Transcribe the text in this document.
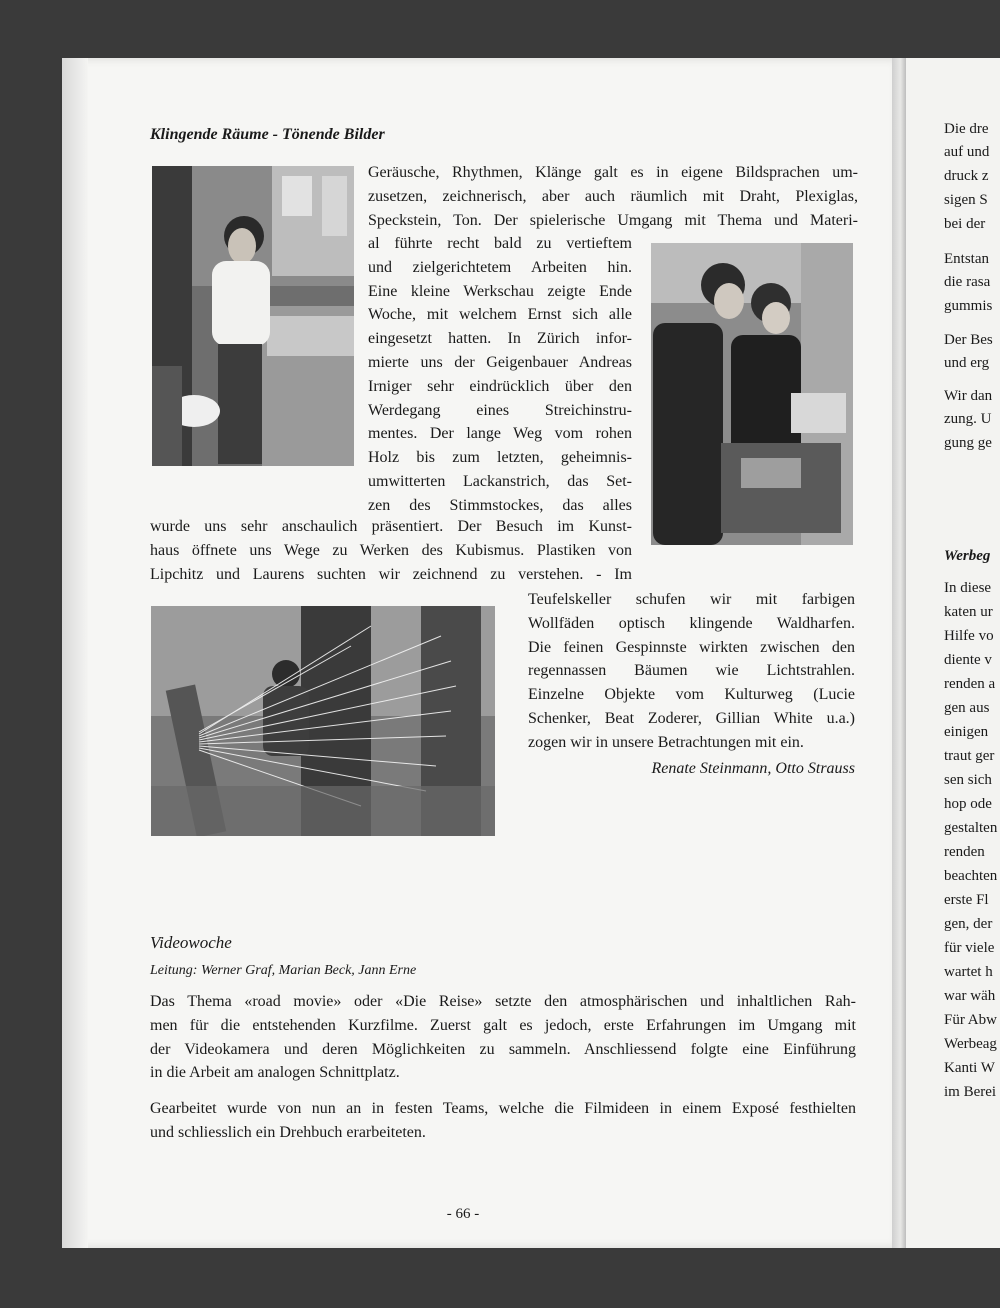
Klingende Räume - Tönende Bilder
Geräusche, Rhythmen, Klänge galt es in eigene Bildsprachen um-
zusetzen, zeichnerisch, aber auch räumlich mit Draht, Plexiglas,
Speckstein, Ton. Der spielerische Umgang mit Thema und Materi-
al führte recht bald zu vertieftem
und zielgerichtetem Arbeiten hin.
Eine kleine Werkschau zeigte Ende
Woche, mit welchem Ernst sich alle
eingesetzt hatten. In Zürich infor-
mierte uns der Geigenbauer Andreas
Irniger sehr eindrücklich über den
Werdegang eines Streichinstru-
mentes. Der lange Weg vom rohen
Holz bis zum letzten, geheimnis-
umwitterten Lackanstrich, das Set-
zen des Stimmstockes, das alles
wurde uns sehr anschaulich präsentiert. Der Besuch im Kunst-
haus öffnete uns Wege zu Werken des Kubismus. Plastiken von
Lipchitz und Laurens suchten wir zeichnend zu verstehen. - Im
Teufelskeller schufen wir mit farbigen
Wollfäden optisch klingende Waldharfen.
Die feinen Gespinnste wirkten zwischen den
regennassen Bäumen wie Lichtstrahlen.
Einzelne Objekte vom Kulturweg (Lucie
Schenker, Beat Zoderer, Gillian White u.a.)
zogen wir in unsere Betrachtungen mit ein.
Renate Steinmann, Otto Strauss
Videowoche
Leitung: Werner Graf, Marian Beck, Jann Erne
Das Thema «road movie» oder «Die Reise» setzte den atmosphärischen und inhaltlichen Rah-
men für die entstehenden Kurzfilme. Zuerst galt es jedoch, erste Erfahrungen im Umgang mit
der Videokamera und deren Möglichkeiten zu sammeln. Anschliessend folgte eine Einführung
in die Arbeit am analogen Schnittplatz.
Gearbeitet wurde von nun an in festen Teams, welche die Filmideen in einem Exposé festhielten
und schliesslich ein Drehbuch erarbeiteten.
- 66 -
Die dre
auf und
druck z
sigen S
bei der
Entstan
die rasa
gummis
Der Bes
und erg
Wir dan
zung. U
gung ge
Werbeg
In diese
katen ur
Hilfe vo
diente v
renden a
gen aus
einigen
traut ger
sen sich
hop ode
gestalten
renden
beachten
erste Fl
gen, der
für viele
wartet h
war wäh
Für Abw
Werbeag
Kanti W
im Berei
